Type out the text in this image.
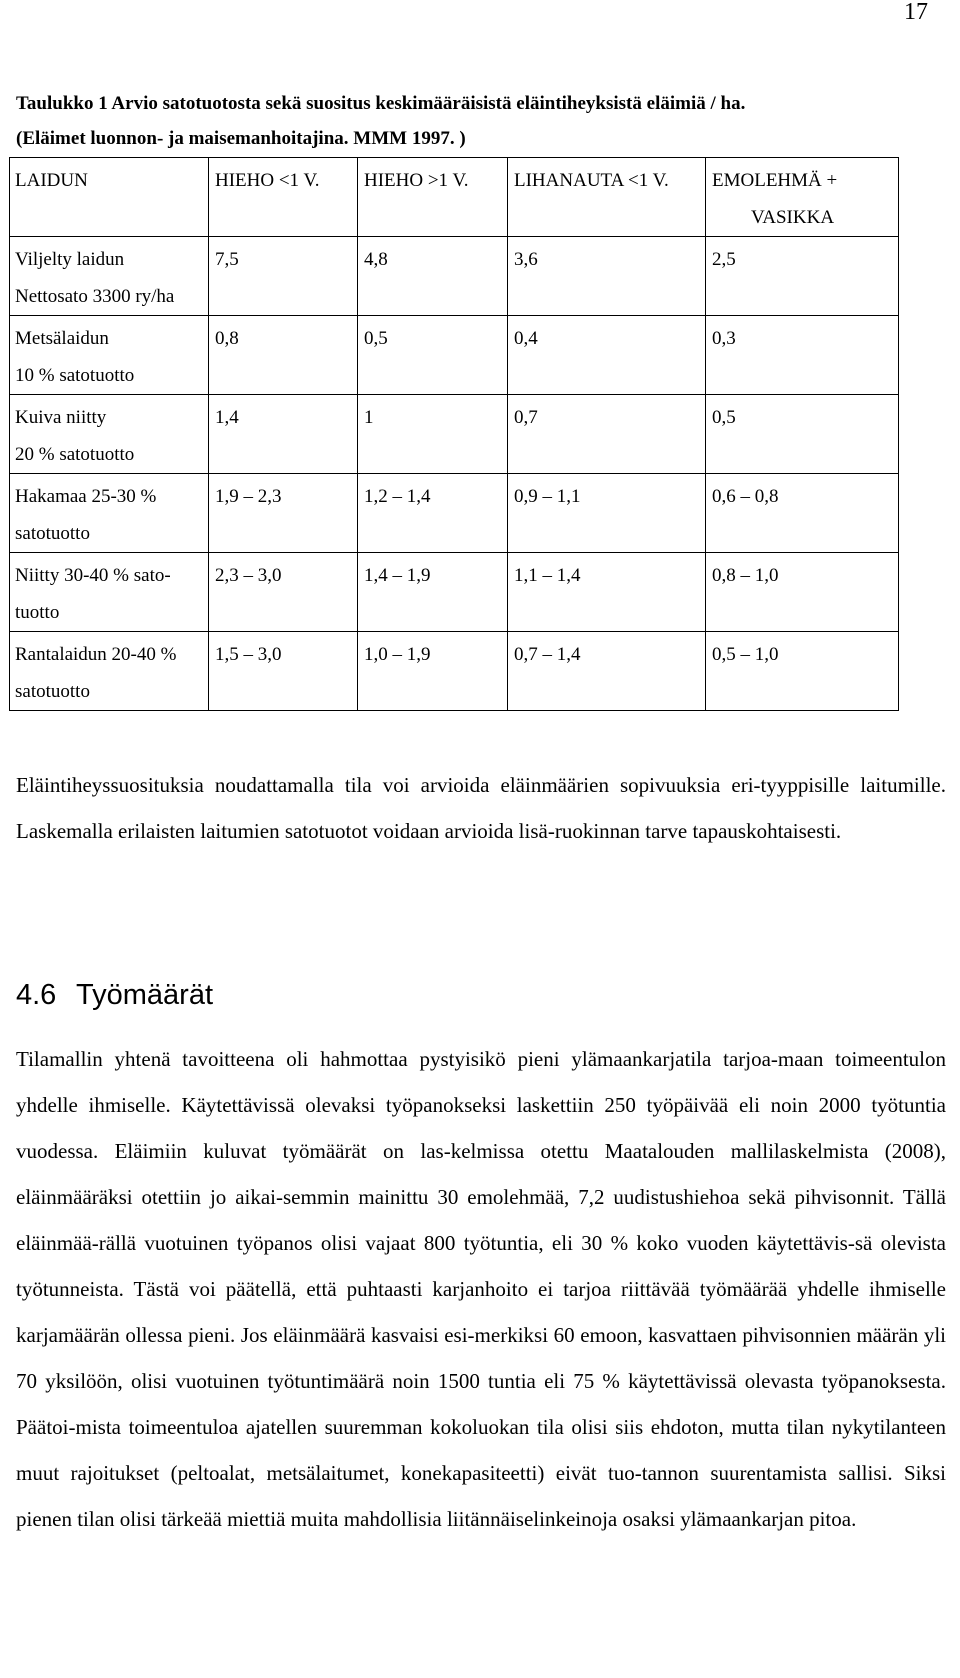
17
Taulukko 1 Arvio satotuotosta sekä suositus keskimääräisistä eläintiheyksistä eläimiä / ha.
(Eläimet luonnon- ja maisemanhoitajina. MMM 1997. )
LAIDUN	HIEHO <1 V.	HIEHO >1 V.	LIHANAUTA <1 V.	EMOLEHMÄ +
VASIKKA

Viljelty laidun
Nettosato 3300 ry/ha	7,5	4,8	3,6	2,5
Metsälaidun
10 % satotuotto	0,8	0,5	0,4	0,3
Kuiva niitty
20 % satotuotto	1,4	1	0,7	0,5
Hakamaa 25-30 %
satotuotto	1,9 – 2,3	1,2 – 1,4	0,9 – 1,1	0,6 – 0,8
Niitty 30-40 % sato-
tuotto	2,3 – 3,0	1,4 – 1,9	1,1 – 1,4	0,8 – 1,0
Rantalaidun 20-40 %
satotuotto	1,5 – 3,0	1,0 – 1,9	0,7 – 1,4	0,5 – 1,0
Eläintiheyssuosituksia noudattamalla tila voi arvioida eläinmäärien sopivuuksia eri-tyyppisille laitumille. Laskemalla erilaisten laitumien satotuotot voidaan arvioida lisä-ruokinnan tarve tapauskohtaisesti.
4.6 Työmäärät
Tilamallin yhtenä tavoitteena oli hahmottaa pystyisikö pieni ylämaankarjatila tarjoa-maan toimeentulon yhdelle ihmiselle. Käytettävissä olevaksi työpanokseksi laskettiin 250 työpäivää eli noin 2000 työtuntia vuodessa. Eläimiin kuluvat työmäärät on las-kelmissa otettu Maatalouden mallilaskelmista (2008), eläinmääräksi otettiin jo aikai-semmin mainittu 30 emolehmää, 7,2 uudistushiehoa sekä pihvisonnit. Tällä eläinmää-rällä vuotuinen työpanos olisi vajaat 800 työtuntia, eli 30 % koko vuoden käytettävis-sä olevista työtunneista. Tästä voi päätellä, että puhtaasti karjanhoito ei tarjoa riittävää työmäärää yhdelle ihmiselle karjamäärän ollessa pieni. Jos eläinmäärä kasvaisi esi-merkiksi 60 emoon, kasvattaen pihvisonnien määrän yli 70 yksilöön, olisi vuotuinen työtuntimäärä noin 1500 tuntia eli 75 % käytettävissä olevasta työpanoksesta. Päätoi-mista toimeentuloa ajatellen suuremman kokoluokan tila olisi siis ehdoton, mutta tilan nykytilanteen muut rajoitukset (peltoalat, metsälaitumet, konekapasiteetti) eivät tuo-tannon suurentamista sallisi. Siksi pienen tilan olisi tärkeää miettiä muita mahdollisia liitännäiselinkeinoja osaksi ylämaankarjan pitoa.
